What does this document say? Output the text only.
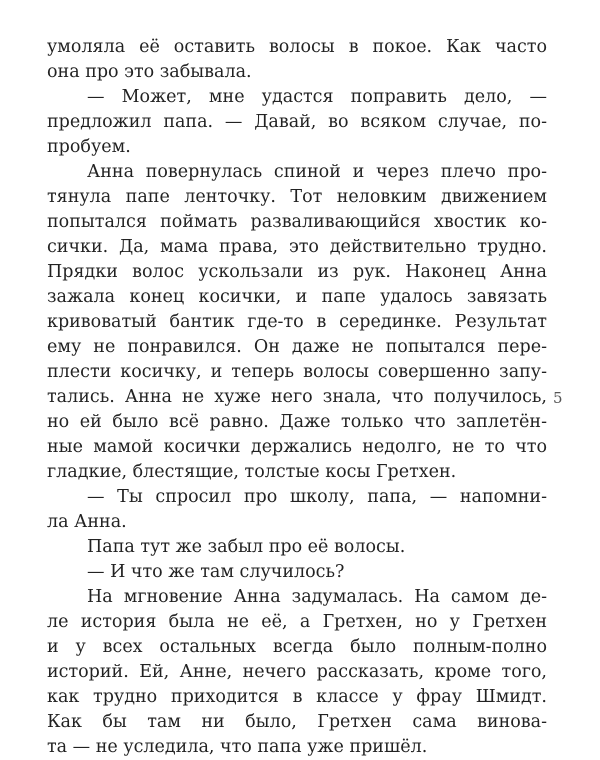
умоляла её оставить волосы в покое. Как часто
она про это забывала.
— Может, мне удастся поправить дело, —
предложил папа. — Давай, во всяком случае, по-
пробуем.
Анна повернулась спиной и через плечо про-
тянула папе ленточку. Тот неловким движением
попытался поймать разваливающийся хвостик ко-
сички. Да, мама права, это действительно трудно.
Прядки волос ускользали из рук. Наконец Анна
зажала конец косички, и папе удалось завязать
кривоватый бантик где-то в серединке. Результат
ему не понравился. Он даже не попытался пере-
плести косичку, и теперь волосы совершенно запу-
тались. Анна не хуже него знала, что получилось,
но ей было всё равно. Даже только что заплетён-
ные мамой косички держались недолго, не то что
гладкие, блестящие, толстые косы Гретхен.
— Ты спросил про школу, папа, — напомни-
ла Анна.
Папа тут же забыл про её волосы.
— И что же там случилось?
На мгновение Анна задумалась. На самом де-
ле история была не её, а Гретхен, но у Гретхен
и у всех остальных всегда было полным-полно
историй. Ей, Анне, нечего рассказать, кроме того,
как трудно приходится в классе у фрау Шмидт.
Как бы там ни было, Гретхен сама винова-
та — не уследила, что папа уже пришёл.
5
